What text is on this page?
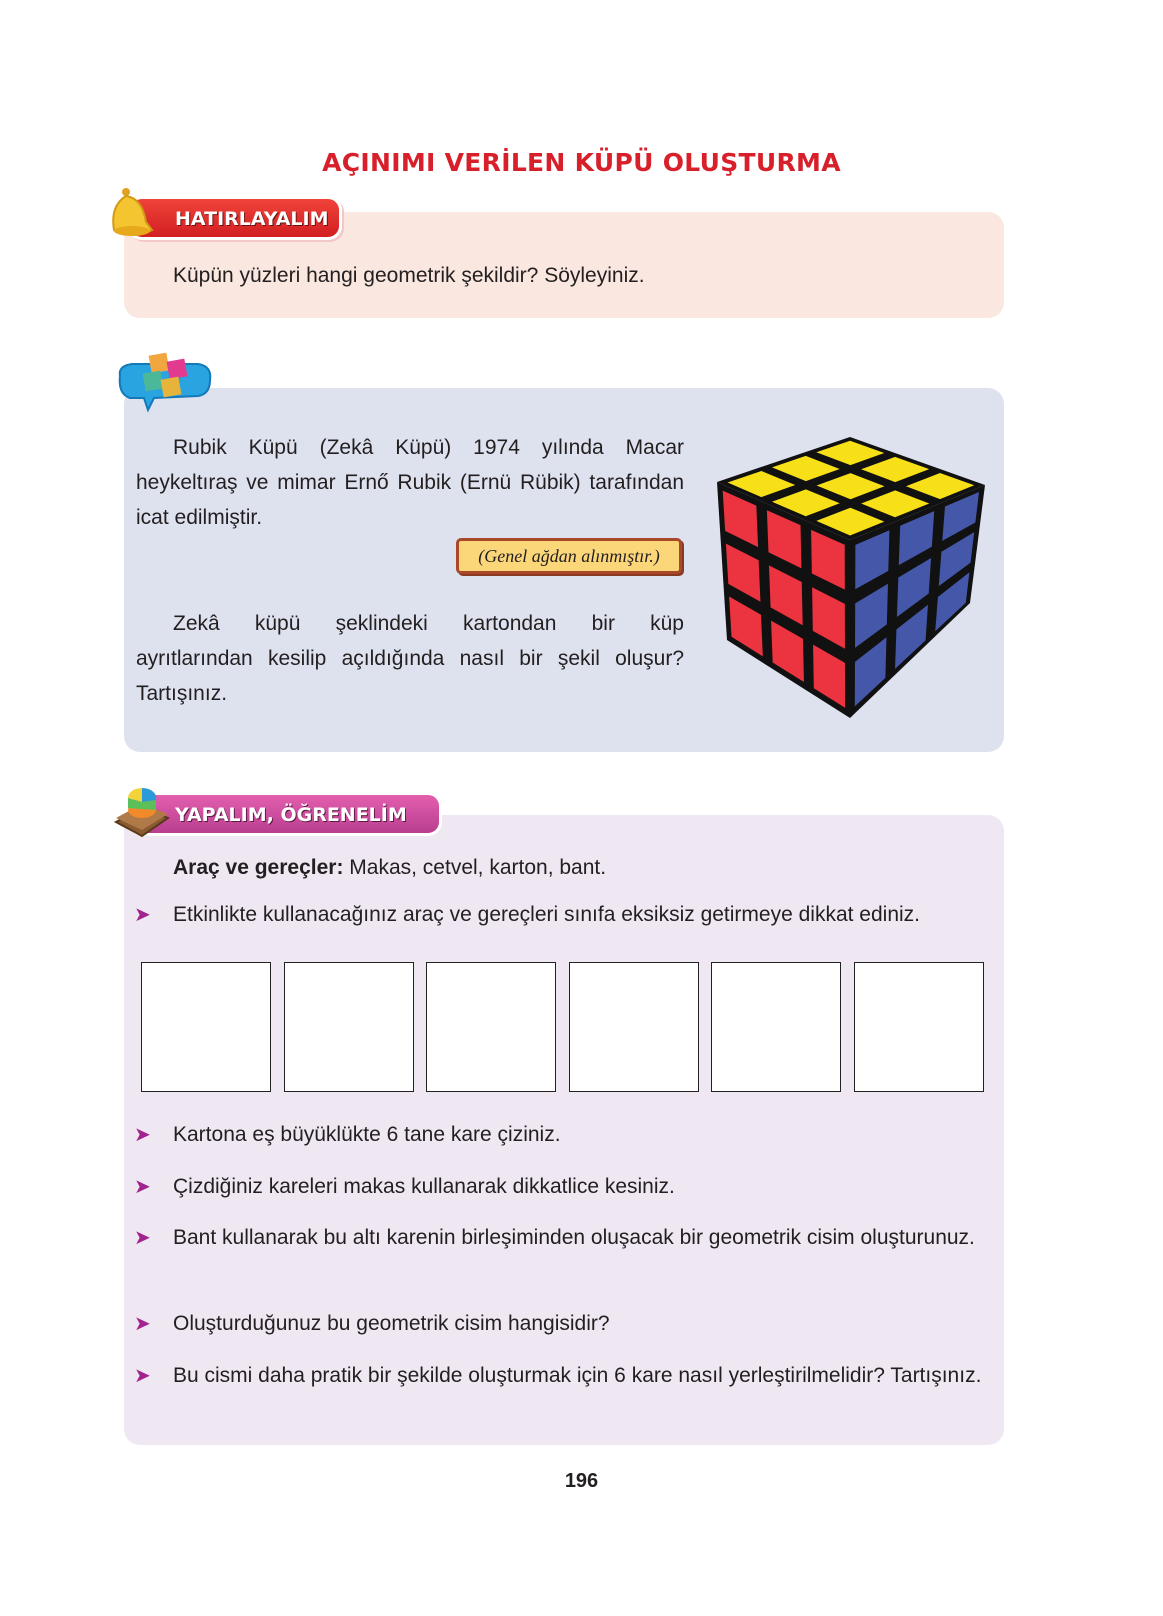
AÇINIMI VERİLEN KÜPÜ OLUŞTURMA
HATIRLAYALIM
Küpün yüzleri hangi geometrik şekildir? Söyleyiniz.
Rubik Küpü (Zekâ Küpü) 1974 yılında Macar heykeltıraş ve mimar Ernő Rubik (Ernü Rübik) tarafından icat edilmiştir.
(Genel ağdan alınmıştır.)
Zekâ küpü şeklindeki kartondan bir küp ayrıtlarından kesilip açıldığında nasıl bir şekil oluşur? Tartışınız.
YAPALIM, ÖĞRENELİM
Araç ve gereçler: Makas, cetvel, karton, bant.
➤ Etkinlikte kullanacağınız araç ve gereçleri sınıfa eksiksiz getirmeye dikkat ediniz.
➤ Kartona eş büyüklükte 6 tane kare çiziniz.
➤ Çizdiğiniz kareleri makas kullanarak dikkatlice kesiniz.
➤ Bant kullanarak bu altı karenin birleşiminden oluşacak bir geometrik cisim oluşturunuz.
➤ Oluşturduğunuz bu geometrik cisim hangisidir?
➤ Bu cismi daha pratik bir şekilde oluşturmak için 6 kare nasıl yerleştirilmelidir? Tartışınız.
196
